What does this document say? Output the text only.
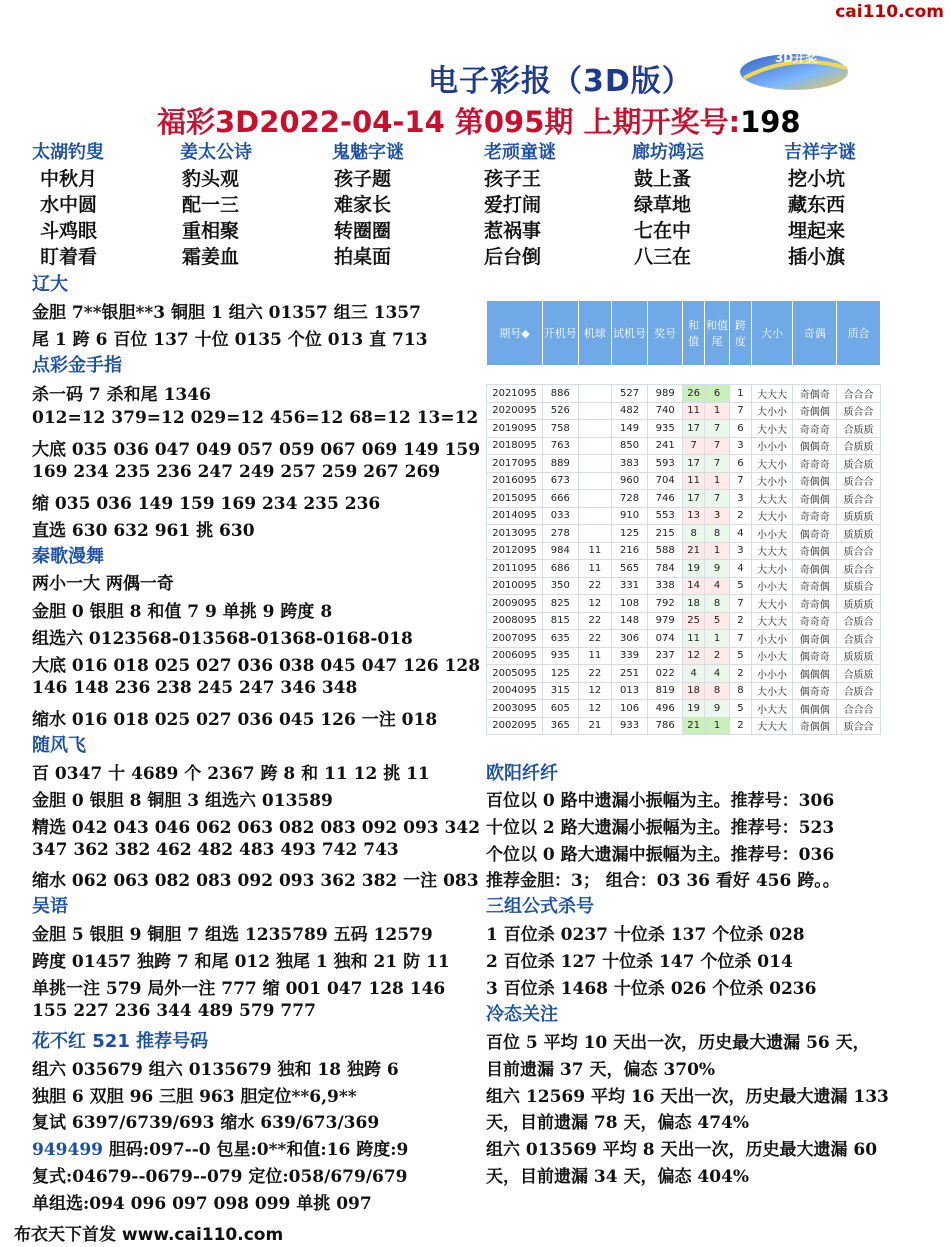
cai110.com
电子彩报（3D版）
3D开奖
福彩3D2022-04-14 第095期 上期开奖号:198
太湖钓叟	姜太公诗	鬼魅字谜	老顽童谜	廊坊鸿运	吉祥字谜
中秋月	豹头观	孩子题	孩子王	鼓上蚤	挖小坑
水中圆	配一三	难家长	爱打闹	绿草地	藏东西
斗鸡眼	重相聚	转圈圈	惹祸事	七在中	埋起来
盯着看	霜姜血	拍桌面	后台倒	八三在	插小旗
辽大
金胆 7**银胆**3 铜胆 1 组六 01357 组三 1357
尾 1 跨 6 百位 137 十位 0135 个位 013 直 713
点彩金手指
杀一码 7 杀和尾 1346
012=12 379=12 029=12 456=12 68=12 13=12
大底 035 036 047 049 057 059 067 069 149 159
169 234 235 236 247 249 257 259 267 269
缩 035 036 149 159 169 234 235 236
直选 630 632 961 挑 630
秦歌漫舞
两小一大 两偶一奇
金胆 0 银胆 8 和值 7 9 单挑 9 跨度 8
组选六 0123568-013568-01368-0168-018
大底 016 018 025 027 036 038 045 047 126 128
146 148 236 238 245 247 346 348
缩水 016 018 025 027 036 045 126 一注 018
随风飞
百 0347 十 4689 个 2367 跨 8 和 11 12 挑 11
金胆 0 银胆 8 铜胆 3 组选六 013589
精选 042 043 046 062 063 082 083 092 093 342
347 362 382 462 482 483 493 742 743
缩水 062 063 082 083 092 093 362 382 一注 083
吴语
金胆 5 银胆 9 铜胆 7 组选 1235789 五码 12579
跨度 01457 独跨 7 和尾 012 独尾 1 独和 21 防 11
单挑一注 579 局外一注 777 缩 001 047 128 146
155 227 236 344 489 579 777
花不红 521 推荐号码
组六 035679 组六 0135679 独和 18 独跨 6
独胆 6 双胆 96 三胆 963 胆定位**6,9**
复试 6397/6739/693 缩水 639/673/369
949499 胆码:097--0 包星:0**和值:16 跨度:9
复式:04679--0679--079 定位:058/679/679
单组选:094 096 097 098 099 单挑 097
期号◆	开机号	机球	试机号	奖号	和值	和值尾	跨度	大小	奇偶	质合

2021095	886		527	989	26	6	1	大大大	奇偶奇	合合合
2020095	526		482	740	11	1	7	大小小	奇偶偶	质合合
2019095	758		149	935	17	7	6	大小大	奇奇奇	合质质
2018095	763		850	241	7	7	3	小小小	偶偶奇	合质质
2017095	889		383	593	17	7	6	大大小	奇奇奇	质合质
2016095	673		960	704	11	1	7	大小小	奇偶偶	质合合
2015095	666		728	746	17	7	3	大大大	奇偶偶	质合合
2014095	033		910	553	13	3	2	大大小	奇奇奇	质质质
2013095	278		125	215	8	8	4	小小大	偶奇奇	质质质
2012095	984	11	216	588	21	1	3	大大大	奇偶偶	质合合
2011095	686	11	565	784	19	9	4	大大小	奇偶偶	质合合
2010095	350	22	331	338	14	4	5	小小大	奇奇偶	质质合
2009095	825	12	108	792	18	8	7	大大小	奇奇偶	质质质
2008095	815	22	148	979	25	5	2	大大大	奇奇奇	合质合
2007095	635	22	306	074	11	1	7	小大小	偶奇偶	合质合
2006095	935	11	339	237	12	2	5	小小大	偶奇奇	质质质
2005095	125	22	251	022	4	4	2	小小小	偶偶偶	合质质
2004095	315	12	013	819	18	8	8	大小大	偶奇奇	合质合
2003095	605	12	106	496	19	9	5	小大大	偶偶偶	合合合
2002095	365	21	933	786	21	1	2	大大大	奇偶偶	质合合
欧阳纤纤
百位以 0 路中遗漏小振幅为主。推荐号：306
十位以 2 路大遗漏小振幅为主。推荐号：523
个位以 0 路大遗漏中振幅为主。推荐号：036
推荐金胆：3； 组合：03 36 看好 456 跨。。
三组公式杀号
1 百位杀 0237 十位杀 137 个位杀 028
2 百位杀 127 十位杀 147 个位杀 014
3 百位杀 1468 十位杀 026 个位杀 0236
冷态关注
百位 5 平均 10 天出一次，历史最大遗漏 56 天，
目前遗漏 37 天，偏态 370%
组六 12569 平均 16 天出一次，历史最大遗漏 133
天，目前遗漏 78 天，偏态 474%
组六 013569 平均 8 天出一次，历史最大遗漏 60
天，目前遗漏 34 天，偏态 404%
布衣天下首发 www.cai110.com
